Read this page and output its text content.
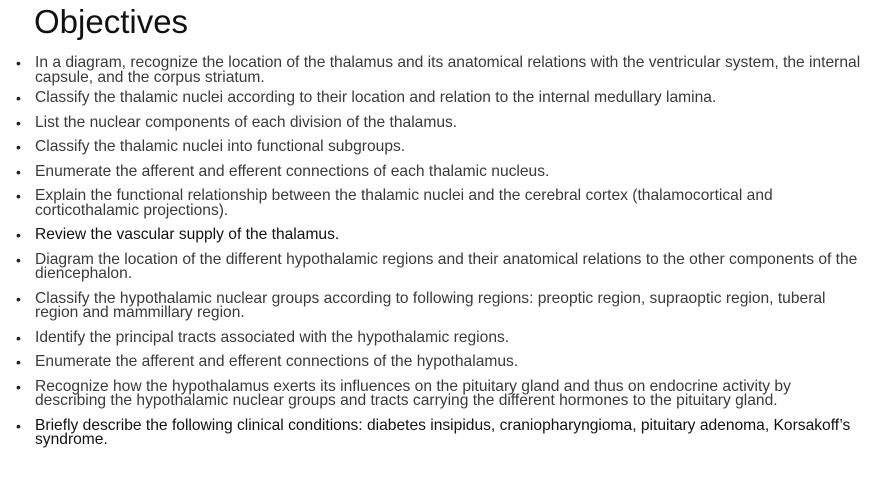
Objectives
• In a diagram, recognize the location of the thalamus and its anatomical relations with the ventricular system, the internal capsule, and the corpus striatum.
• Classify the thalamic nuclei according to their location and relation to the internal medullary lamina.
• List the nuclear components of each division of the thalamus.
• Classify the thalamic nuclei into functional subgroups.
• Enumerate the afferent and efferent connections of each thalamic nucleus.
• Explain the functional relationship between the thalamic nuclei and the cerebral cortex (thalamocortical and corticothalamic projections).
• Review the vascular supply of the thalamus.
• Diagram the location of the different hypothalamic regions and their anatomical relations to the other components of the diencephalon.
• Classify the hypothalamic nuclear groups according to following regions: preoptic region, supraoptic region, tuberal region and mammillary region.
• Identify the principal tracts associated with the hypothalamic regions.
• Enumerate the afferent and efferent connections of the hypothalamus.
• Recognize how the hypothalamus exerts its influences on the pituitary gland and thus on endocrine activity by describing the hypothalamic nuclear groups and tracts carrying the different hormones to the pituitary gland.
• Briefly describe the following clinical conditions: diabetes insipidus, craniopharyngioma, pituitary adenoma, Korsakoff’s syndrome.
